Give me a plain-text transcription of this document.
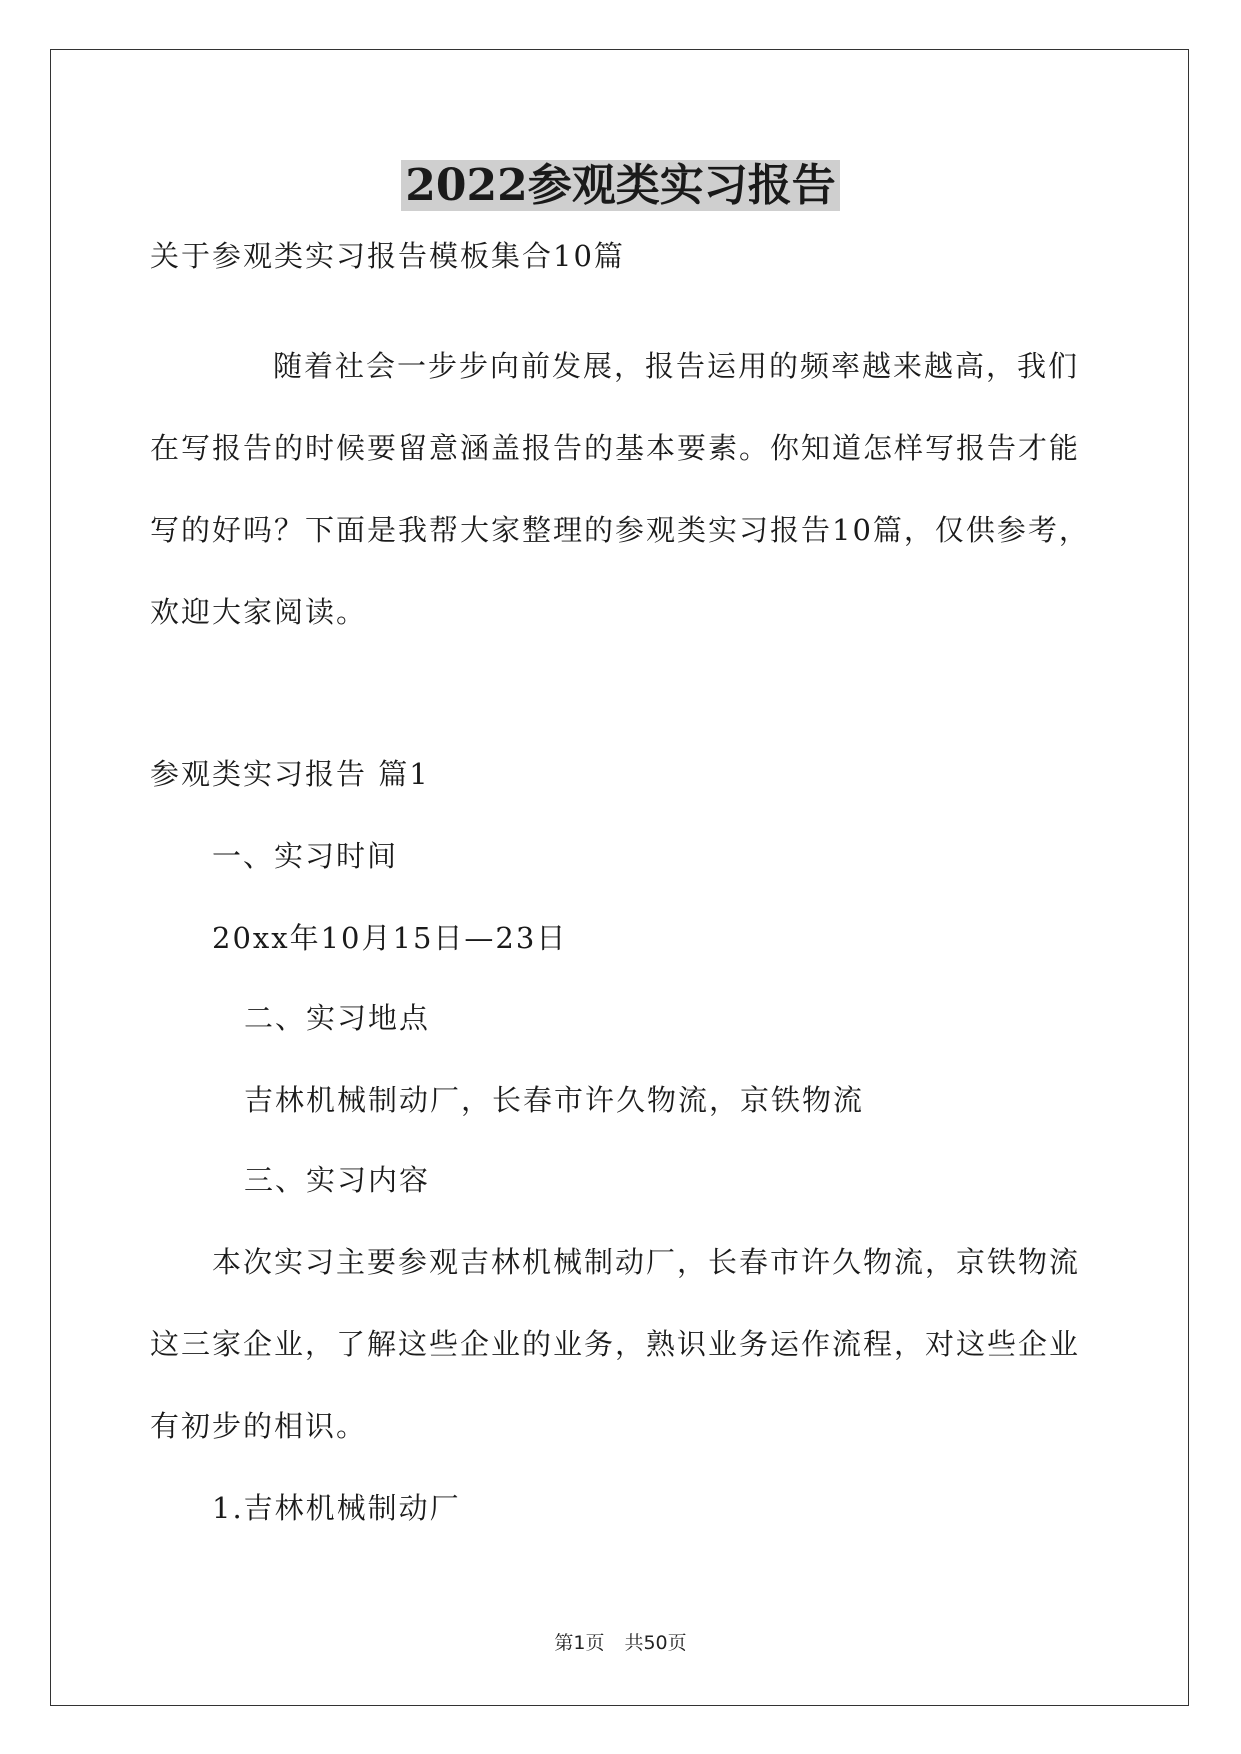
2022参观类实习报告
关于参观类实习报告模板集合10篇
随着社会一步步向前发展，报告运用的频率越来越高，我们
在写报告的时候要留意涵盖报告的基本要素。你知道怎样写报告才能
写的好吗？下面是我帮大家整理的参观类实习报告10篇，仅供参考，
欢迎大家阅读。
参观类实习报告 篇1
一、实习时间
20xx年10月15日—23日
二、实习地点
吉林机械制动厂，长春市许久物流，京铁物流
三、实习内容
本次实习主要参观吉林机械制动厂，长春市许久物流，京铁物流
这三家企业，了解这些企业的业务，熟识业务运作流程，对这些企业
有初步的相识。
1.吉林机械制动厂
第1页 共50页
